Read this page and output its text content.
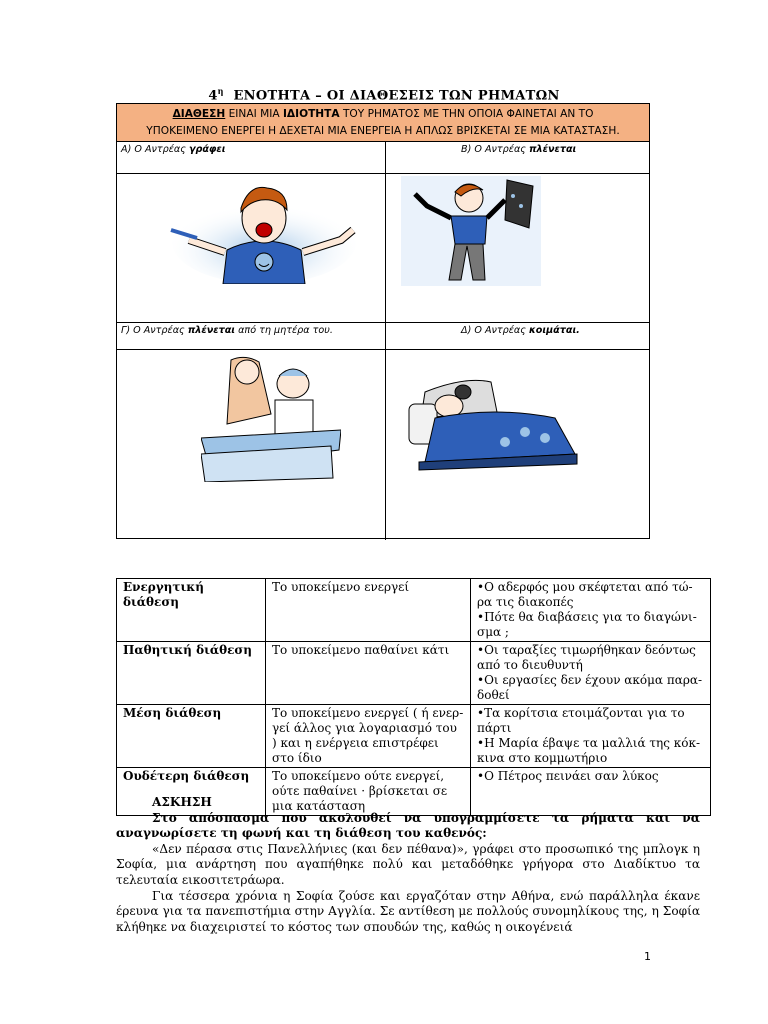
$4^\eta$ ΕΝΟΤΗΤΑ – ΟΙ ΔΙΑΘΕΣΕΙΣ ΤΩΝ ΡΗΜΑΤΩΝ
ΔΙΑΘΕΣΗ ΕΙΝΑΙ ΜΙΑ ΙΔΙΟΤΗΤΑ ΤΟΥ ΡΗΜΑΤΟΣ ΜΕ ΤΗΝ ΟΠΟΙΑ ΦΑΙΝΕΤΑΙ ΑΝ ΤΟ
ΥΠΟΚΕΙΜΕΝΟ ΕΝΕΡΓΕΙ Η ΔΕΧΕΤΑΙ ΜΙΑ ΕΝΕΡΓΕΙΑ Η ΑΠΛΩΣ ΒΡΙΣΚΕΤΑΙ ΣΕ ΜΙΑ ΚΑΤΑΣΤΑΣΗ.
Α) Ο Αντρέας γράφει	Β) Ο Αντρέας πλένεται
Γ) Ο Αντρέας πλένεται από τη μητέρα του.	Δ) Ο Αντρέας κοιμάται.
Ενεργητική διάθεση	Το υποκείμενο ενεργεί	•Ο αδερφός μου σκέφτεται από τώ-ρα τις διακοπές
•Πότε θα διαβάσεις για το διαγώνι-σμα ;

Παθητική διάθεση	Το υποκείμενο παθαίνει κάτι	•Οι ταραξίες τιμωρήθηκαν δεόντως από το διευθυντή
•Οι εργασίες δεν έχουν ακόμα παρα-δοθεί

Μέση διάθεση	Το υποκείμενο ενεργεί ( ή ενερ-γεί άλλος για λογαριασμό του ) και η ενέργεια επιστρέφει στο ίδιο	•Τα κορίτσια ετοιμάζονται για το πάρτι
•Η Μαρία έβαψε τα μαλλιά της κόκ-κινα στο κομμωτήριο

Ουδέτερη διάθεση	Το υποκείμενο ούτε ενεργεί, ούτε παθαίνει · βρίσκεται σε μια κατάσταση	•Ο Πέτρος πεινάει σαν λύκος
ΑΣΚΗΣΗ
Στο απόσπασμα που ακολουθεί να υπογραμμίσετε τα ρήματα και να αναγνωρίσετε τη φωνή και τη διάθεση του καθενός:
«Δεν πέρασα στις Πανελλήνιες (και δεν πέθανα)», γράφει στο προσωπικό της μπλογκ η Σοφία, μια ανάρτηση που αγαπήθηκε πολύ και μεταδόθηκε γρήγορα στο Διαδίκτυο τα τελευταία εικοσιτετράωρα.
Για τέσσερα χρόνια η Σοφία ζούσε και εργαζόταν στην Αθήνα, ενώ παράλληλα έκανε έρευνα για τα πανεπιστήμια στην Αγγλία. Σε αντίθεση με πολλούς συνομηλίκους της, η Σοφία κλήθηκε να διαχειριστεί το κόστος των σπουδών της, καθώς η οικογένειά
1
